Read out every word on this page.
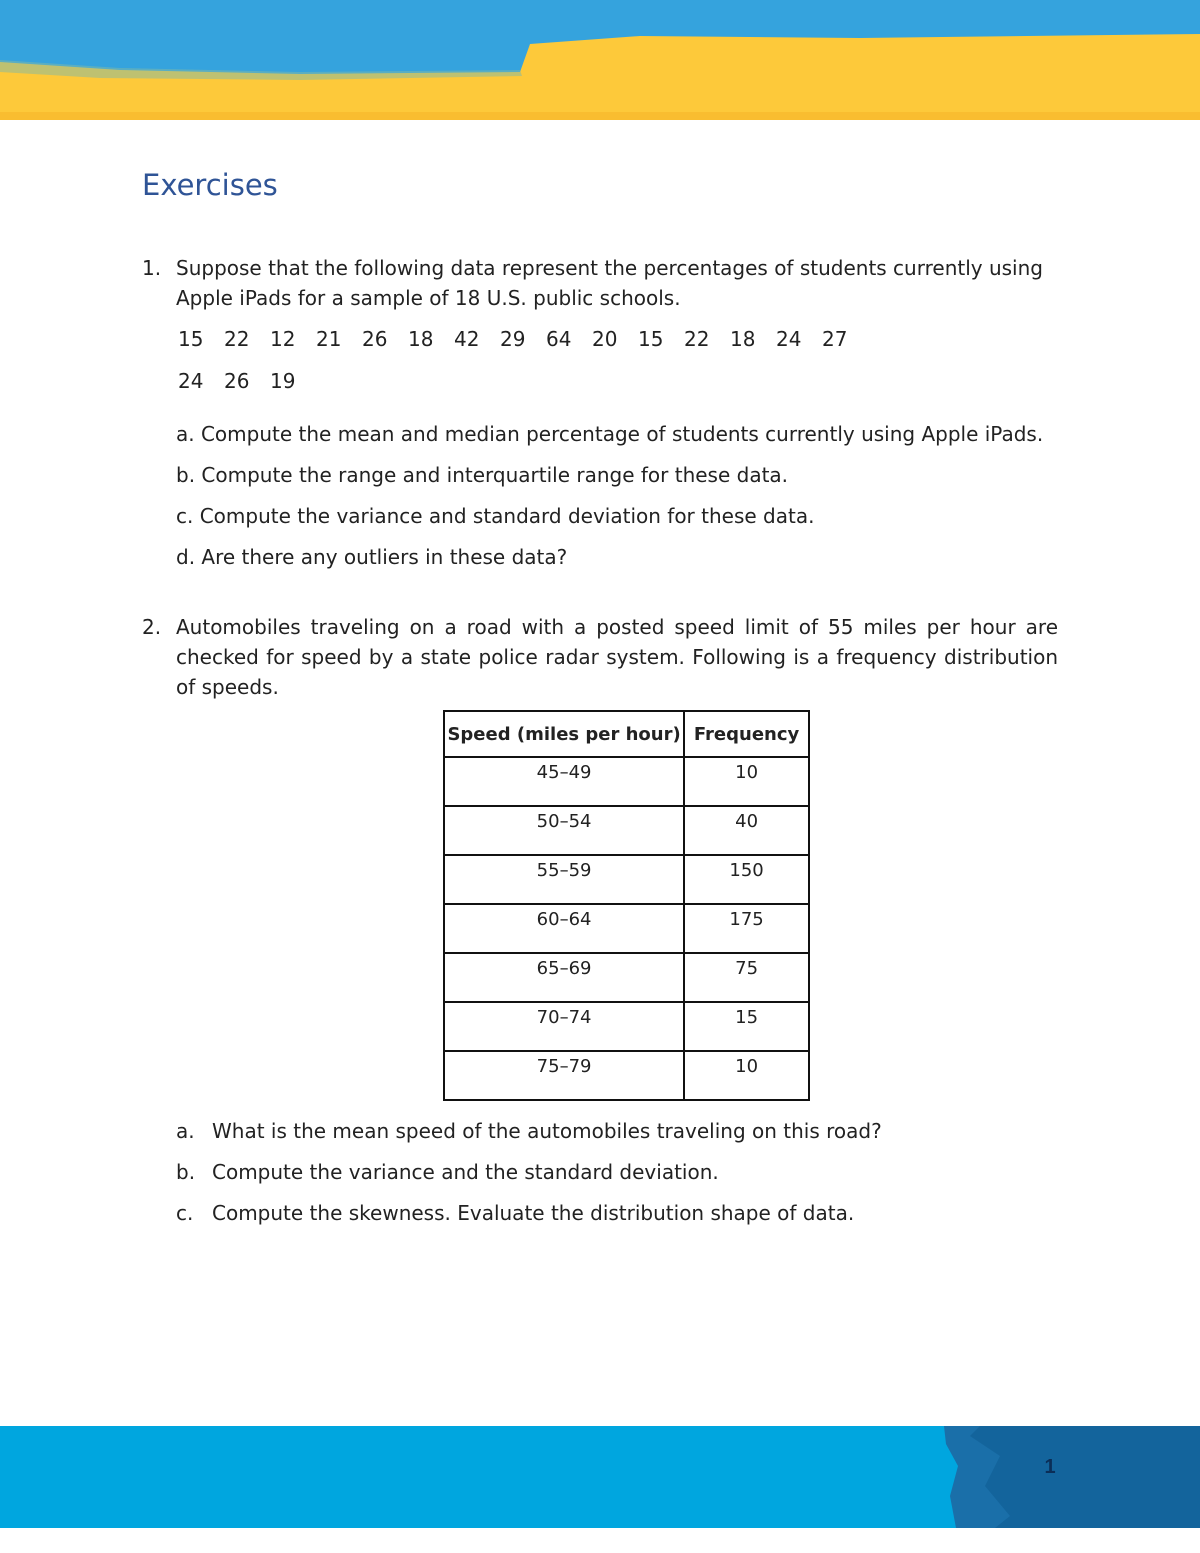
Exercises
1. Suppose that the following data represent the percentages of students currently using

Apple iPads for a sample of 18 U.S. public schools.

15	22	12	21	26	18	42	29	64	20	15	22	18	24	27
24	26	19

a. Compute the mean and median percentage of students currently using Apple iPads.

b. Compute the range and interquartile range for these data.

c. Compute the variance and standard deviation for these data.

d. Are there any outliers in these data?

2. Automobiles traveling on a road with a posted speed limit of 55 miles per hour are checked for speed by a state police radar system. Following is a frequency distribution of speeds.

Speed (miles per hour)	Frequency
45–49	10
50–54	40
55–59	150
60–64	175
65–69	75
70–74	15
75–79	10
a. What is the mean speed of the automobiles traveling on this road?
b. Compute the variance and the standard deviation.
c. Compute the skewness. Evaluate the distribution shape of data.
1
